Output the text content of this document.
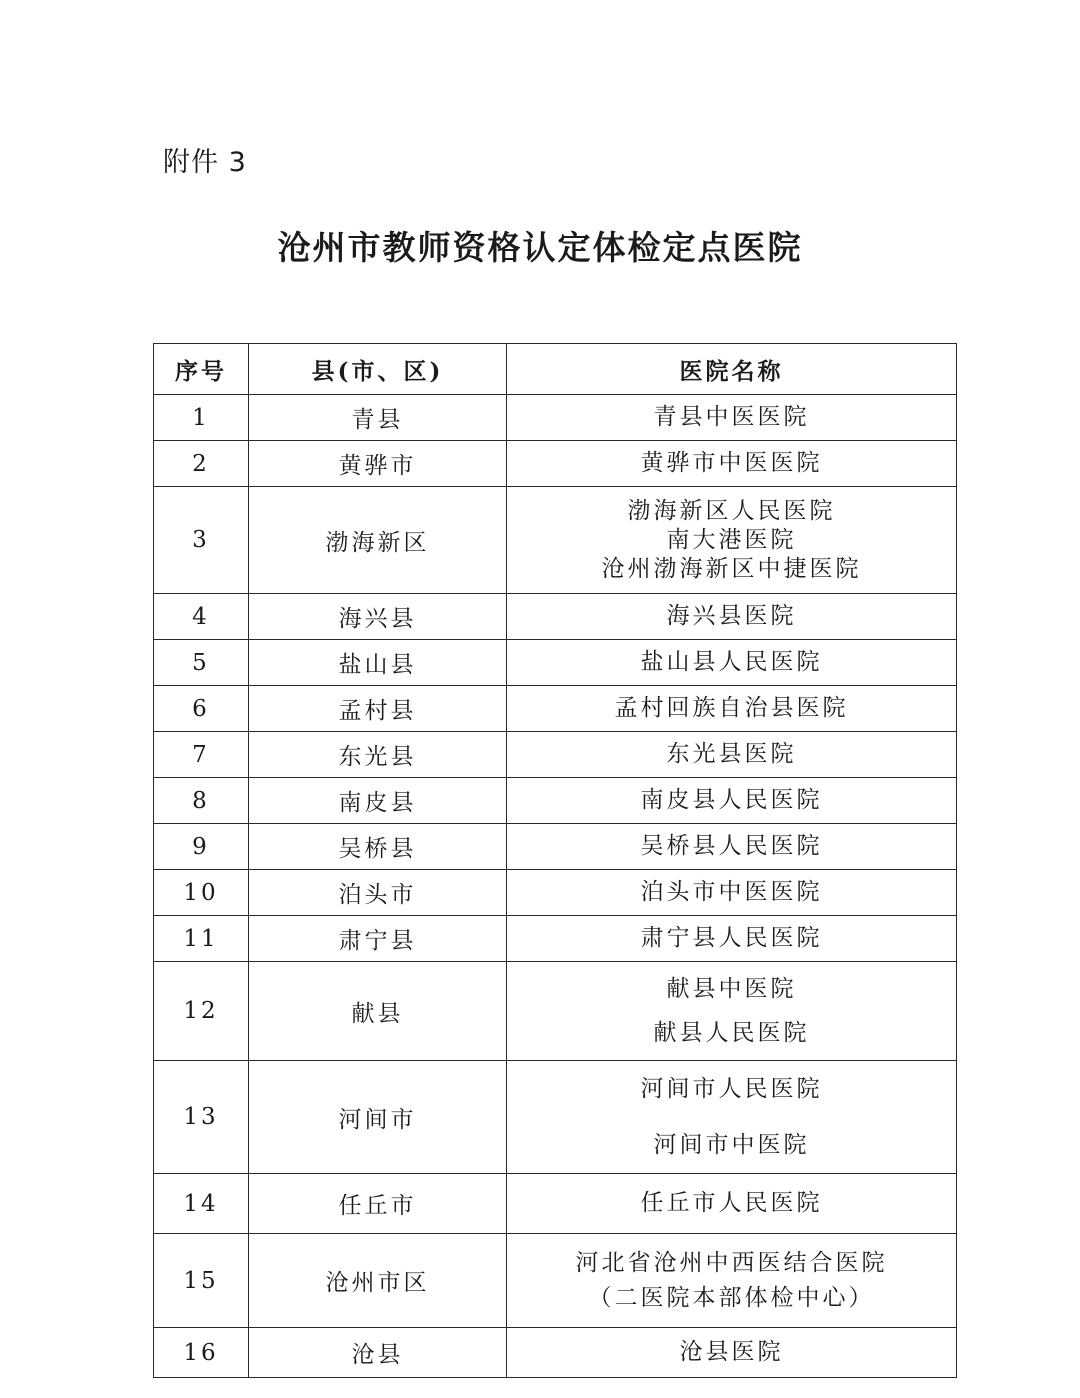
附件 3
沧州市教师资格认定体检定点医院
序号	县(市、区)	医院名称
1	青县	青县中医医院

2	黄骅市	黄骅市中医医院

3	渤海新区	渤海新区人民医院
南大港医院
沧州渤海新区中捷医院

4	海兴县	海兴县医院

5	盐山县	盐山县人民医院

6	孟村县	孟村回族自治县医院

7	东光县	东光县医院

8	南皮县	南皮县人民医院

9	吴桥县	吴桥县人民医院

10	泊头市	泊头市中医医院

11	肃宁县	肃宁县人民医院

12	献县	献县中医院
献县人民医院

13	河间市	河间市人民医院
河间市中医院

14	任丘市	任丘市人民医院

15	沧州市区	河北省沧州中西医结合医院
（二医院本部体检中心）

16	沧县	沧县医院
